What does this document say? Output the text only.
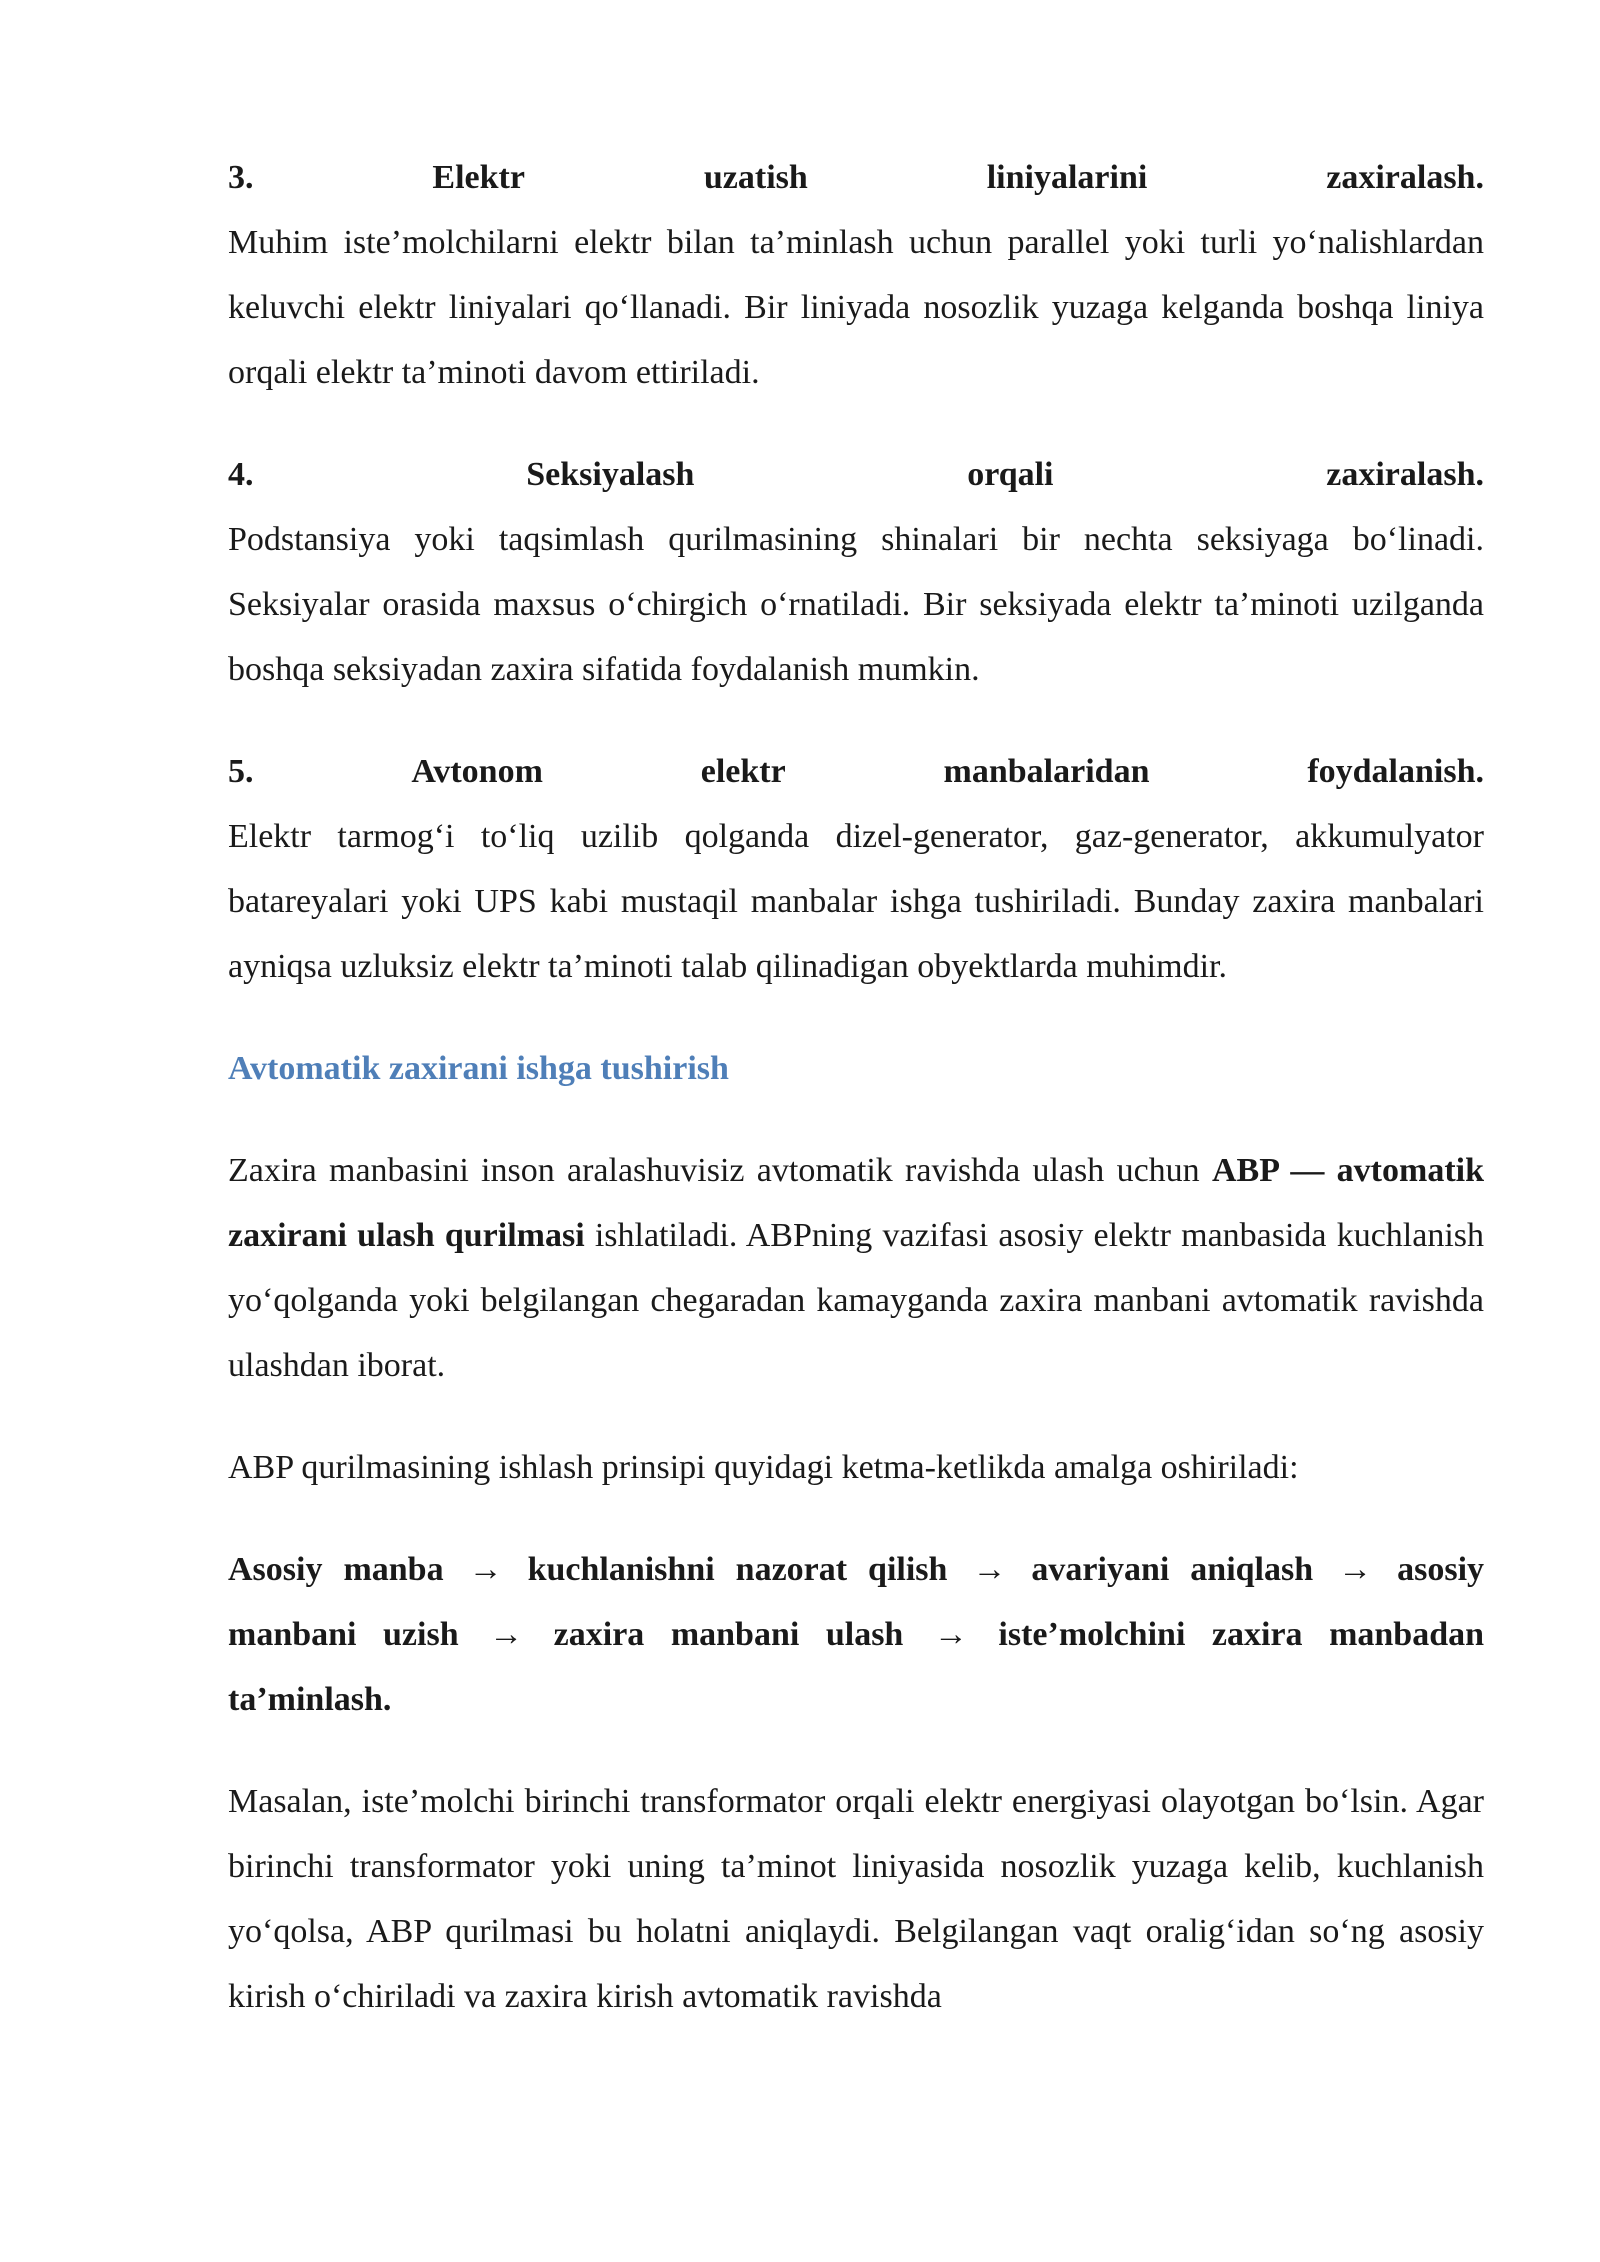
3.	Elektr	uzatish	liniyalarini	zaxiralash.
Muhim iste’molchilarni elektr bilan ta’minlash uchun parallel yoki turli yo‘nalishlardan keluvchi elektr liniyalari qo‘llanadi. Bir liniyada nosozlik yuzaga kelganda boshqa liniya orqali elektr ta’minoti davom ettiriladi.
4.	Seksiyalash	orqali	zaxiralash.
Podstansiya yoki taqsimlash qurilmasining shinalari bir nechta seksiyaga bo‘linadi. Seksiyalar orasida maxsus o‘chirgich o‘rnatiladi. Bir seksiyada elektr ta’minoti uzilganda boshqa seksiyadan zaxira sifatida foydalanish mumkin.
5.	Avtonom	elektr	manbalaridan	foydalanish.
Elektr tarmog‘i to‘liq uzilib qolganda dizel-generator, gaz-generator, akkumulyator batareyalari yoki UPS kabi mustaqil manbalar ishga tushiriladi. Bunday zaxira manbalari ayniqsa uzluksiz elektr ta’minoti talab qilinadigan obyektlarda muhimdir.
Avtomatik zaxirani ishga tushirish

Zaxira manbasini inson aralashuvisiz avtomatik ravishda ulash uchun ABP — avtomatik zaxirani ulash qurilmasi ishlatiladi. ABPning vazifasi asosiy elektr manbasida kuchlanish yo‘qolganda yoki belgilangan chegaradan kamayganda zaxira manbani avtomatik ravishda ulashdan iborat.

ABP qurilmasining ishlash prinsipi quyidagi ketma-ketlikda amalga oshiriladi:

Asosiy manba → kuchlanishni nazorat qilish → avariyani aniqlash → asosiy manbani uzish → zaxira manbani ulash → iste’molchini zaxira manbadan ta’minlash.

Masalan, iste’molchi birinchi transformator orqali elektr energiyasi olayotgan bo‘lsin. Agar birinchi transformator yoki uning ta’minot liniyasida nosozlik yuzaga kelib, kuchlanish yo‘qolsa, ABP qurilmasi bu holatni aniqlaydi. Belgilangan vaqt oralig‘idan so‘ng asosiy kirish o‘chiriladi va zaxira kirish avtomatik ravishda
